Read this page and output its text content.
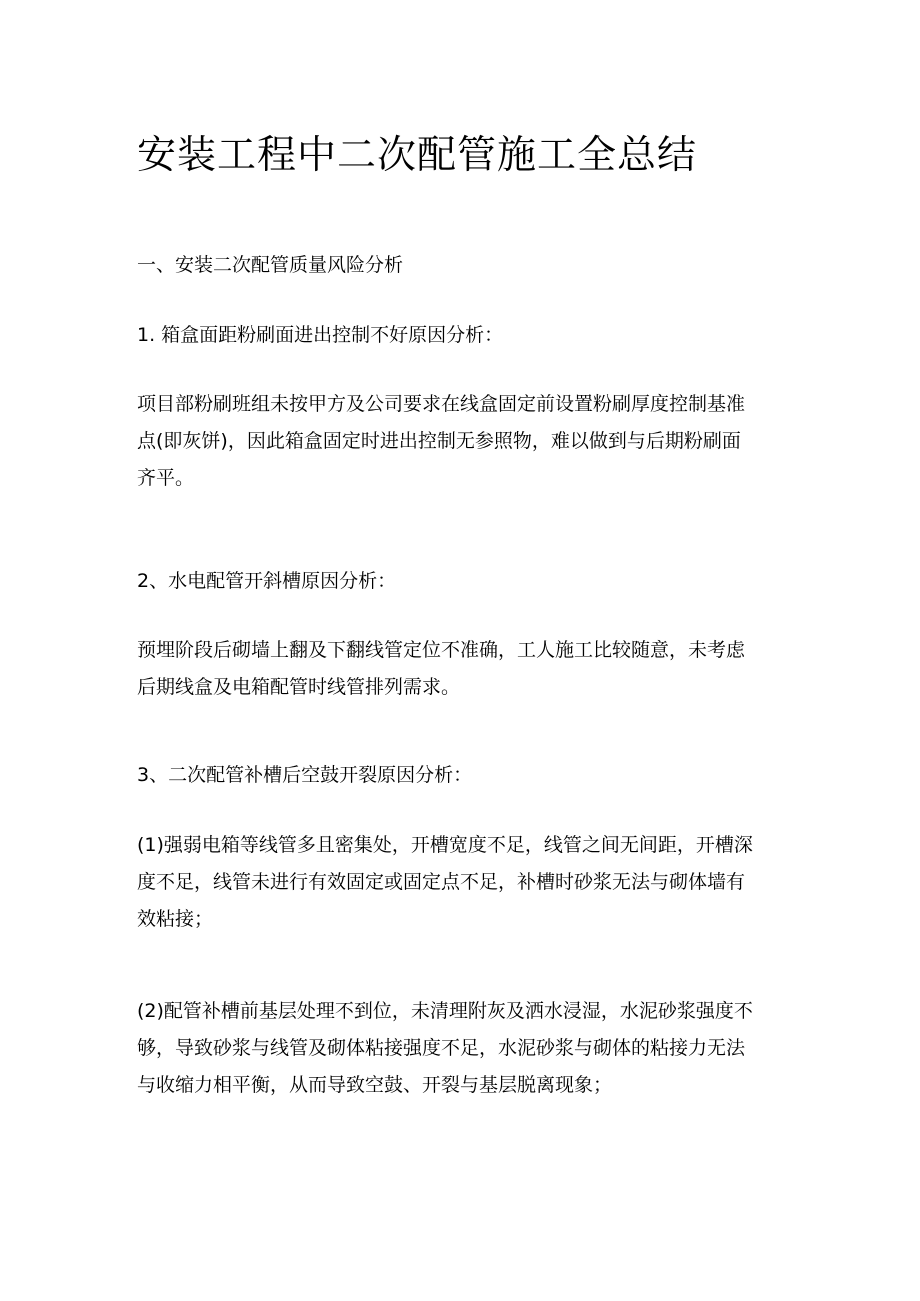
安装工程中二次配管施工全总结

一、安装二次配管质量风险分析

1. 箱盒面距粉刷面进出控制不好原因分析：

项目部粉刷班组未按甲方及公司要求在线盒固定前设置粉刷厚度控制基准
点(即灰饼)，因此箱盒固定时进出控制无参照物，难以做到与后期粉刷面
齐平。

2、水电配管开斜槽原因分析：

预埋阶段后砌墙上翻及下翻线管定位不准确，工人施工比较随意，未考虑
后期线盒及电箱配管时线管排列需求。

3、二次配管补槽后空鼓开裂原因分析：

(1)强弱电箱等线管多且密集处，开槽宽度不足，线管之间无间距，开槽深
度不足，线管未进行有效固定或固定点不足，补槽时砂浆无法与砌体墙有
效粘接；
(2)配管补槽前基层处理不到位，未清理附灰及洒水浸湿，水泥砂浆强度不
够，导致砂浆与线管及砌体粘接强度不足，水泥砂浆与砌体的粘接力无法
与收缩力相平衡，从而导致空鼓、开裂与基层脱离现象；
